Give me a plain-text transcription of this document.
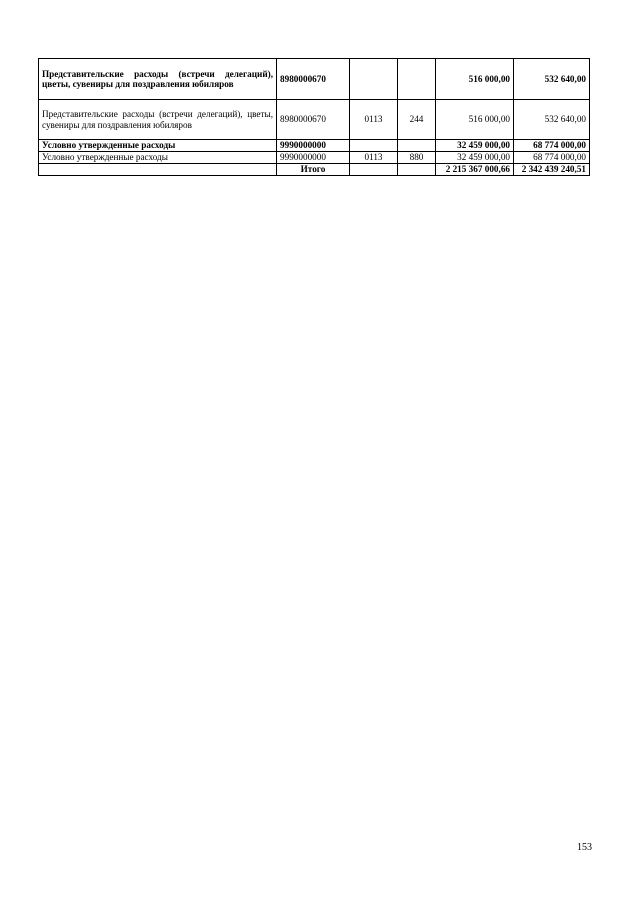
Представительские расходы (встречи делегаций), цветы, сувениры для поздравления юбиляров	8980000670			516 000,00	532 640,00
Представительские расходы (встречи делегаций), цветы, сувениры для поздравления юбиляров	8980000670	0113	244	516 000,00	532 640,00
Условно утвержденные расходы	9990000000			32 459 000,00	68 774 000,00
Условно утвержденные расходы	9990000000	0113	880	32 459 000,00	68 774 000,00
	Итого			2 215 367 000,66	2 342 439 240,51
153
